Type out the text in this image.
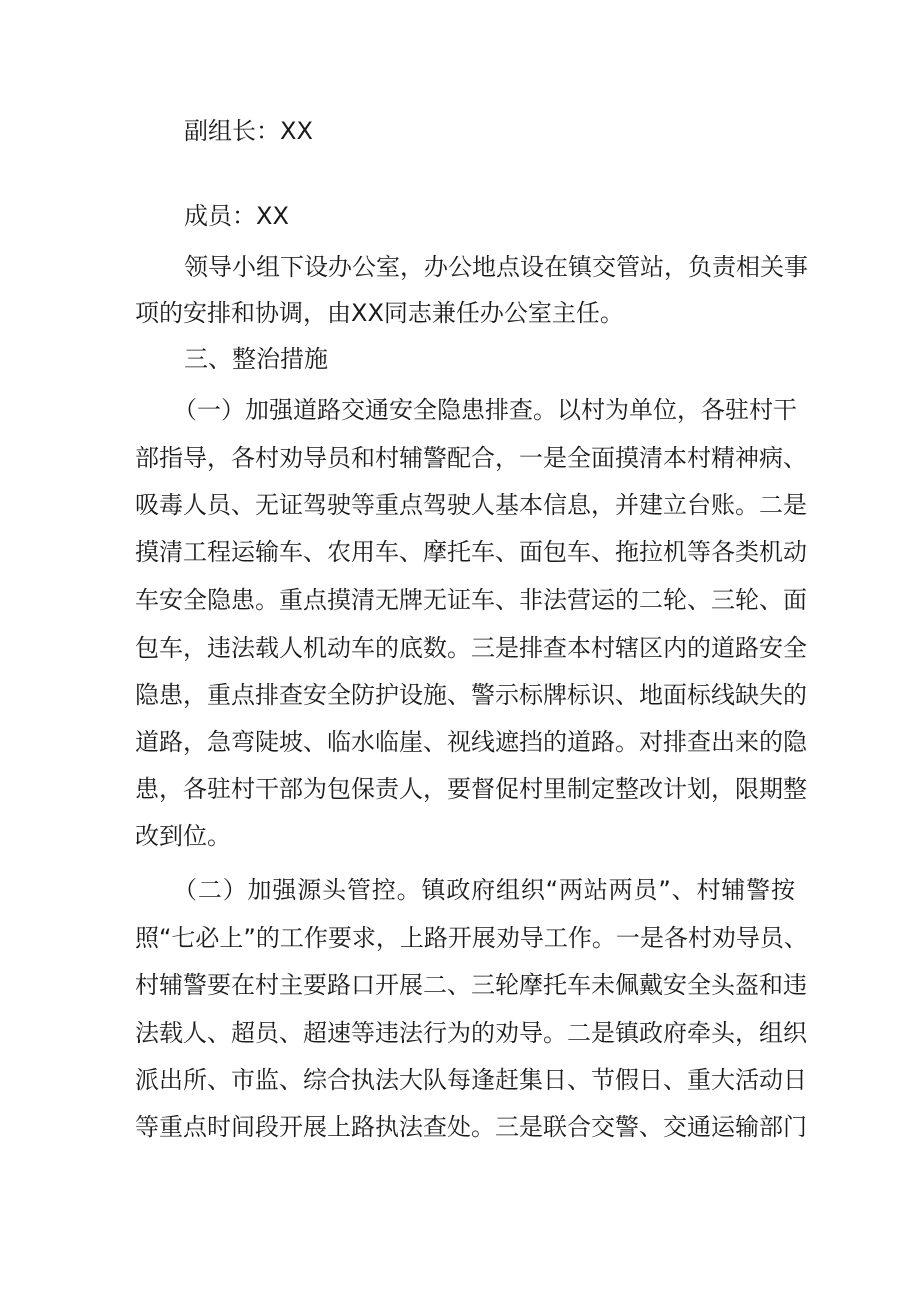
副组长：XX
成员：XX
领导小组下设办公室，办公地点设在镇交管站，负责相关事
项的安排和协调，由XX同志兼任办公室主任。
三、整治措施
（一）加强道路交通安全隐患排查。以村为单位，各驻村干
部指导，各村劝导员和村辅警配合，一是全面摸清本村精神病、
吸毒人员、无证驾驶等重点驾驶人基本信息，并建立台账。二是
摸清工程运输车、农用车、摩托车、面包车、拖拉机等各类机动
车安全隐患。重点摸清无牌无证车、非法营运的二轮、三轮、面
包车，违法载人机动车的底数。三是排查本村辖区内的道路安全
隐患，重点排查安全防护设施、警示标牌标识、地面标线缺失的
道路，急弯陡坡、临水临崖、视线遮挡的道路。对排查出来的隐
患，各驻村干部为包保责人，要督促村里制定整改计划，限期整
改到位。
（二）加强源头管控。镇政府组织“两站两员”、村辅警按
照“七必上”的工作要求，上路开展劝导工作。一是各村劝导员、
村辅警要在村主要路口开展二、三轮摩托车未佩戴安全头盔和违
法载人、超员、超速等违法行为的劝导。二是镇政府牵头，组织
派出所、市监、综合执法大队每逢赶集日、节假日、重大活动日
等重点时间段开展上路执法查处。三是联合交警、交通运输部门
